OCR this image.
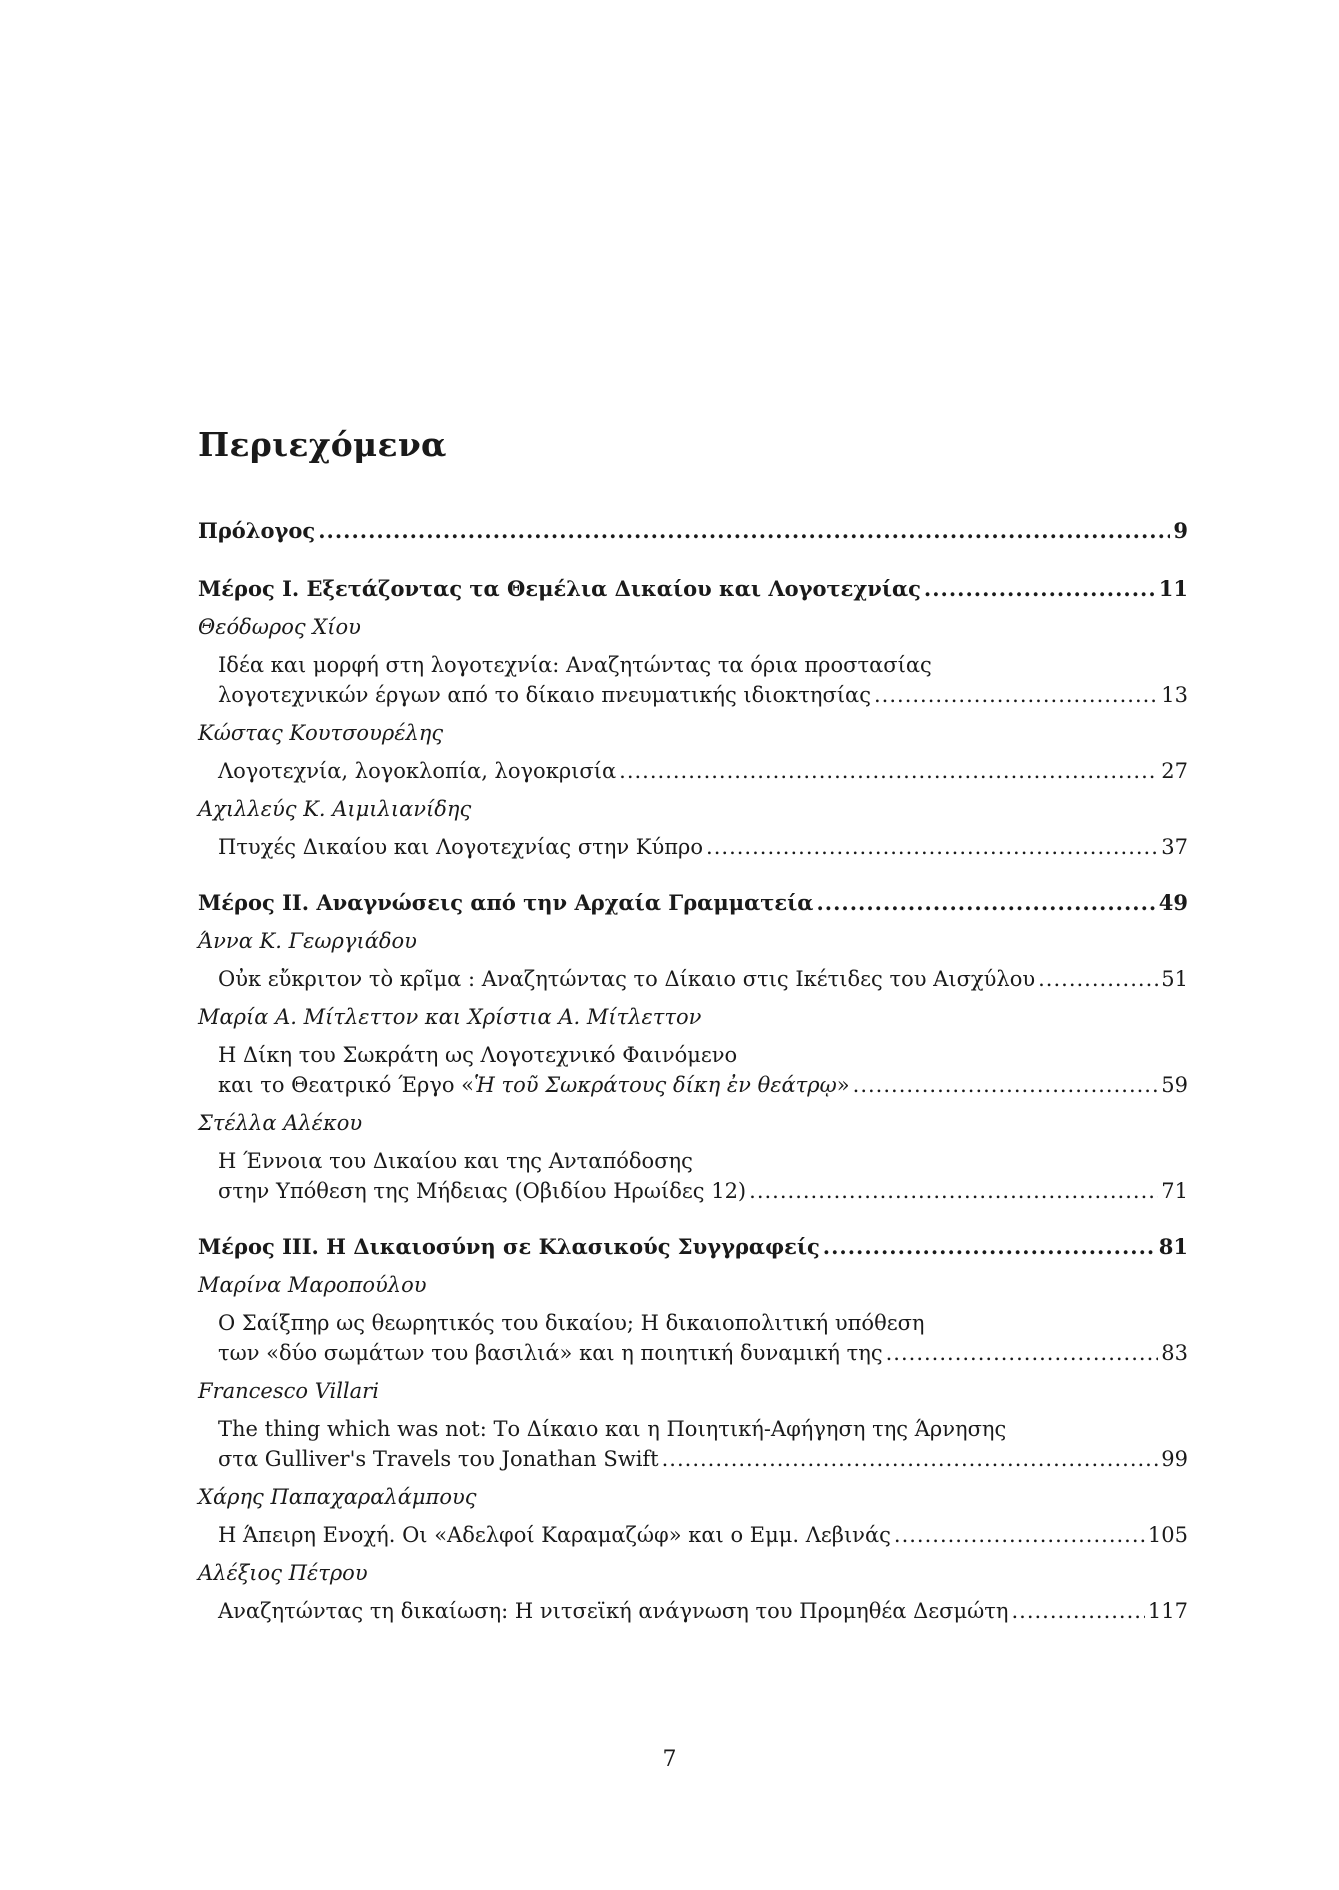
Περιεχόμενα
Πρόλογος .....	9
Μέρος I. Εξετάζοντας τα Θεμέλια Δικαίου και Λογοτεχνίας .....	11
Θεόδωρος Χίου
Ιδέα και μορφή στη λογοτεχνία: Αναζητώντας τα όρια προστασίας
λογοτεχνικών έργων από το δίκαιο πνευματικής ιδιοκτησίας .....	13
Κώστας Κουτσουρέλης
Λογοτεχνία, λογοκλοπία, λογοκρισία .....	27
Αχιλλεύς Κ. Αιμιλιανίδης
Πτυχές Δικαίου και Λογοτεχνίας στην Κύπρο .....	37
Μέρος II. Αναγνώσεις από την Αρχαία Γραμματεία .....	49
Άννα Κ. Γεωργιάδου
Οὐκ εὔκριτον τὸ κρῖμα : Αναζητώντας το Δίκαιο στις Ικέτιδες του Αισχύλου .....	51
Μαρία Α. Μίτλεττον και Χρίστια Α. Μίτλεττον
Η Δίκη του Σωκράτη ως Λογοτεχνικό Φαινόμενο
και το Θεατρικό Έργο «Ἡ τοῦ Σωκράτους δίκη ἐν θεάτρῳ» .....	59
Στέλλα Αλέκου
Η Έννοια του Δικαίου και της Ανταπόδοσης
στην Υπόθεση της Μήδειας (Οβιδίου Ηρωίδες 12) .....	71
Μέρος III. Η Δικαιοσύνη σε Κλασικούς Συγγραφείς .....	81
Μαρίνα Μαροπούλου
Ο Σαίξπηρ ως θεωρητικός του δικαίου; Η δικαιοπολιτική υπόθεση
των «δύο σωμάτων του βασιλιά» και η ποιητική δυναμική της .....	83
Francesco Villari
The thing which was not: Το Δίκαιο και η Ποιητική-Αφήγηση της Άρνησης
στα Gulliver's Travels του Jonathan Swift .....	99
Χάρης Παπαχαραλάμπους
Η Άπειρη Ενοχή. Οι «Αδελφοί Καραμαζώφ» και ο Εμμ. Λεβινάς .....	105
Αλέξιος Πέτρου
Αναζητώντας τη δικαίωση: Η νιτσεϊκή ανάγνωση του Προμηθέα Δεσμώτη .....	117
7
